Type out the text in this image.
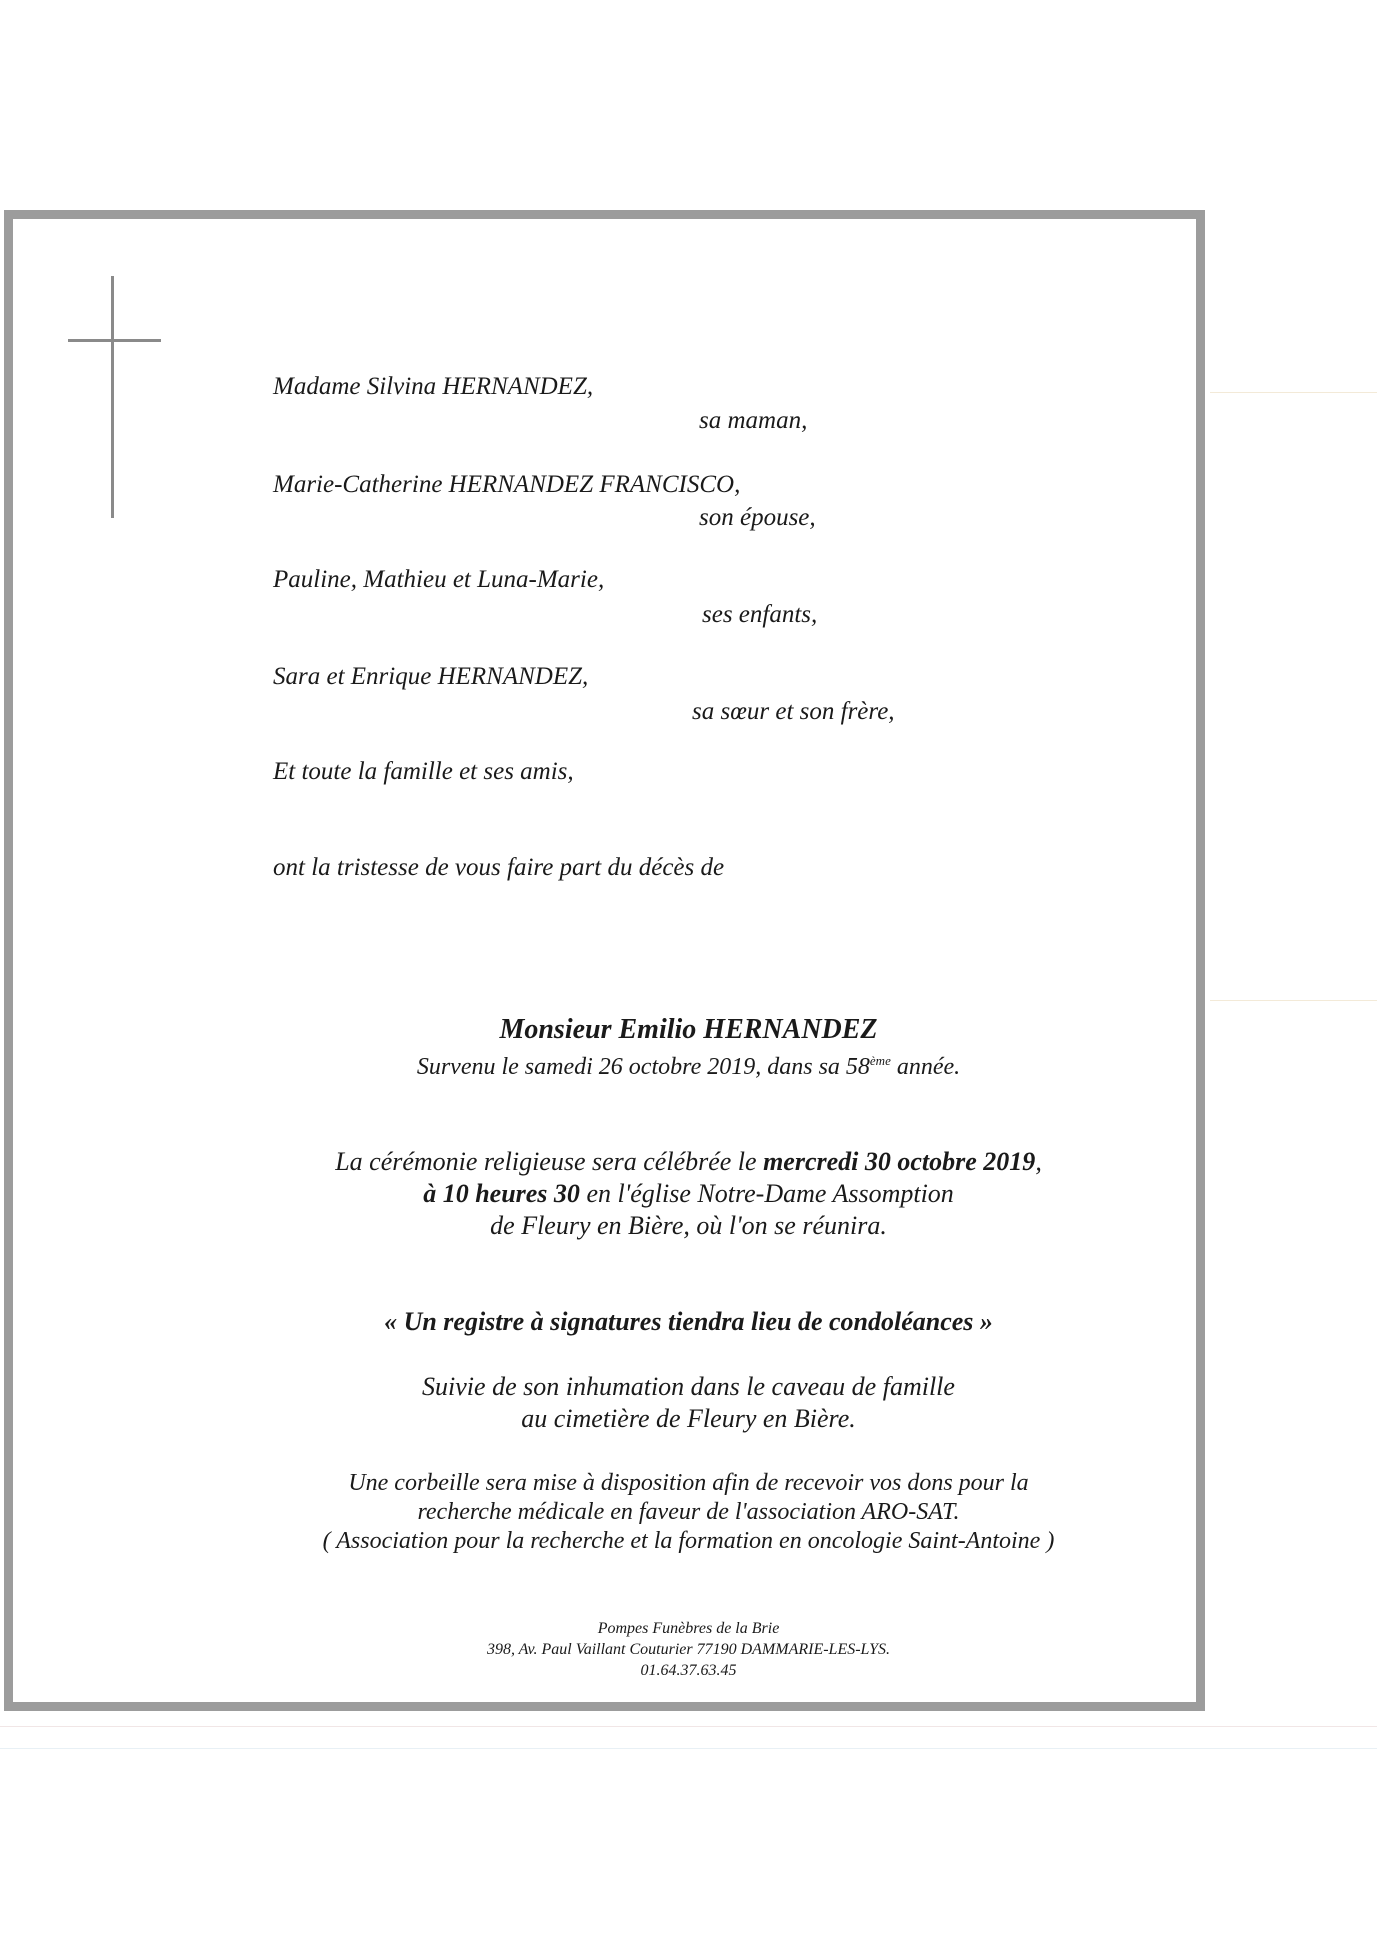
Madame Silvina HERNANDEZ,
sa maman,
Marie-Catherine HERNANDEZ FRANCISCO,
son épouse,
Pauline, Mathieu et Luna-Marie,
ses enfants,
Sara et Enrique HERNANDEZ,
sa sœur et son frère,
Et toute la famille et ses amis,
ont la tristesse de vous faire part du décès de
Monsieur Emilio HERNANDEZ
Survenu le samedi 26 octobre 2019, dans sa 58ème année.
La cérémonie religieuse sera célébrée le mercredi 30 octobre 2019,
à 10 heures 30 en l'église Notre-Dame Assomption
de Fleury en Bière, où l'on se réunira.
« Un registre à signatures tiendra lieu de condoléances »
Suivie de son inhumation dans le caveau de famille
au cimetière de Fleury en Bière.
Une corbeille sera mise à disposition afin de recevoir vos dons pour la
recherche médicale en faveur de l'association ARO-SAT.
( Association pour la recherche et la formation en oncologie Saint-Antoine )
Pompes Funèbres de la Brie
398, Av. Paul Vaillant Couturier 77190 DAMMARIE-LES-LYS.
01.64.37.63.45
